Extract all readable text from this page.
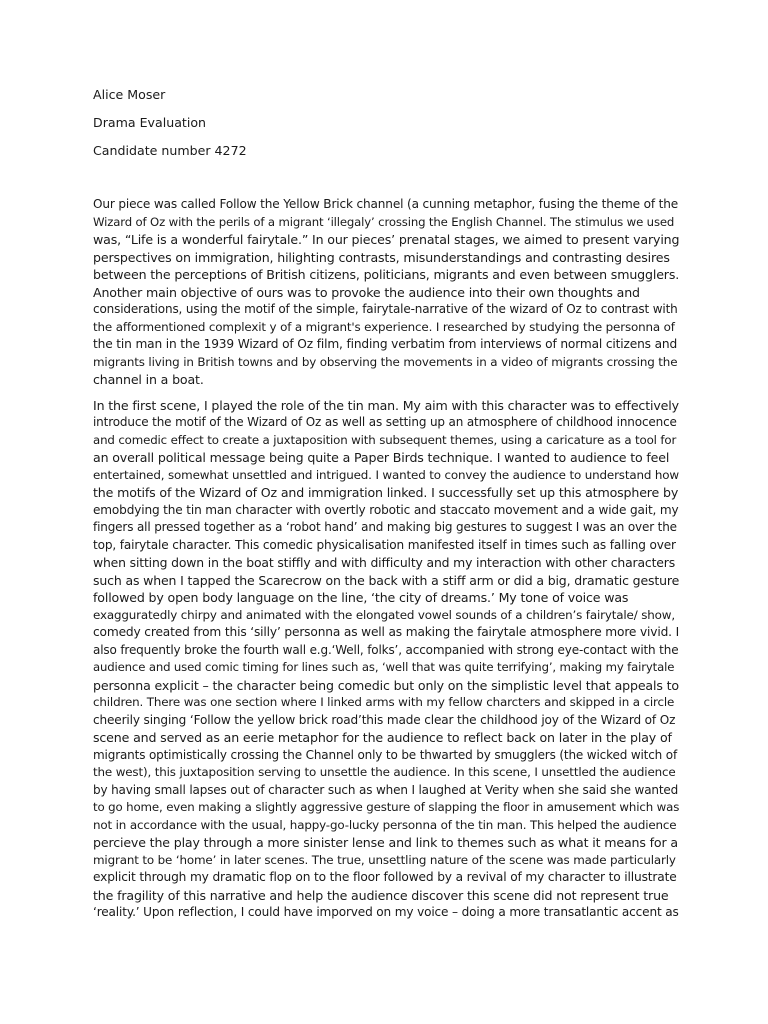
Alice Moser
Drama Evaluation
Candidate number 4272

Our piece was called Follow the Yellow Brick channel (a cunning metaphor, fusing the theme of the
Wizard of Oz with the perils of a migrant ‘illegaly’ crossing the English Channel. The stimulus we used
was, “Life is a wonderful fairytale.” In our pieces’ prenatal stages, we aimed to present varying
perspectives on immigration, hilighting contrasts, misunderstandings and contrasting desires
between the perceptions of British citizens, politicians, migrants and even between smugglers.
Another main objective of ours was to provoke the audience into their own thoughts and
considerations, using the motif of the simple, fairytale-narrative of the wizard of Oz to contrast with
the afformentioned complexit y of a migrant's experience. I researched by studying the personna of
the tin man in the 1939 Wizard of Oz film, finding verbatim from interviews of normal citizens and
migrants living in British towns and by observing the movements in a video of migrants crossing the
channel in a boat.

In the first scene, I played the role of the tin man. My aim with this character was to effectively
introduce the motif of the Wizard of Oz as well as setting up an atmosphere of childhood innocence
and comedic effect to create a juxtaposition with subsequent themes, using a caricature as a tool for
an overall political message being quite a Paper Birds technique. I wanted to audience to feel
entertained, somewhat unsettled and intrigued. I wanted to convey the audience to understand how
the motifs of the Wizard of Oz and immigration linked. I successfully set up this atmosphere by
emobdying the tin man character with overtly robotic and staccato movement and a wide gait, my
fingers all pressed together as a ‘robot hand’ and making big gestures to suggest I was an over the
top, fairytale character. This comedic physicalisation manifested itself in times such as falling over
when sitting down in the boat stiffly and with difficulty and my interaction with other characters
such as when I tapped the Scarecrow on the back with a stiff arm or did a big, dramatic gesture
followed by open body language on the line, ‘the city of dreams.’ My tone of voice was
exagguratedly chirpy and animated with the elongated vowel sounds of a children’s fairytale/ show,
comedy created from this ‘silly’ personna as well as making the fairytale atmosphere more vivid. I
also frequently broke the fourth wall e.g.‘Well, folks’, accompanied with strong eye-contact with the
audience and used comic timing for lines such as, ‘well that was quite terrifying’, making my fairytale
personna explicit – the character being comedic but only on the simplistic level that appeals to
children. There was one section where I linked arms with my fellow charcters and skipped in a circle
cheerily singing ‘Follow the yellow brick road’this made clear the childhood joy of the Wizard of Oz
scene and served as an eerie metaphor for the audience to reflect back on later in the play of
migrants optimistically crossing the Channel only to be thwarted by smugglers (the wicked witch of
the west), this juxtaposition serving to unsettle the audience. In this scene, I unsettled the audience
by having small lapses out of character such as when I laughed at Verity when she said she wanted
to go home, even making a slightly aggressive gesture of slapping the floor in amusement which was
not in accordance with the usual, happy-go-lucky personna of the tin man. This helped the audience
percieve the play through a more sinister lense and link to themes such as what it means for a
migrant to be ‘home’ in later scenes. The true, unsettling nature of the scene was made particularly
explicit through my dramatic flop on to the floor followed by a revival of my character to illustrate
the fragility of this narrative and help the audience discover this scene did not represent true
‘reality.’ Upon reflection, I could have imporved on my voice – doing a more transatlantic accent as
